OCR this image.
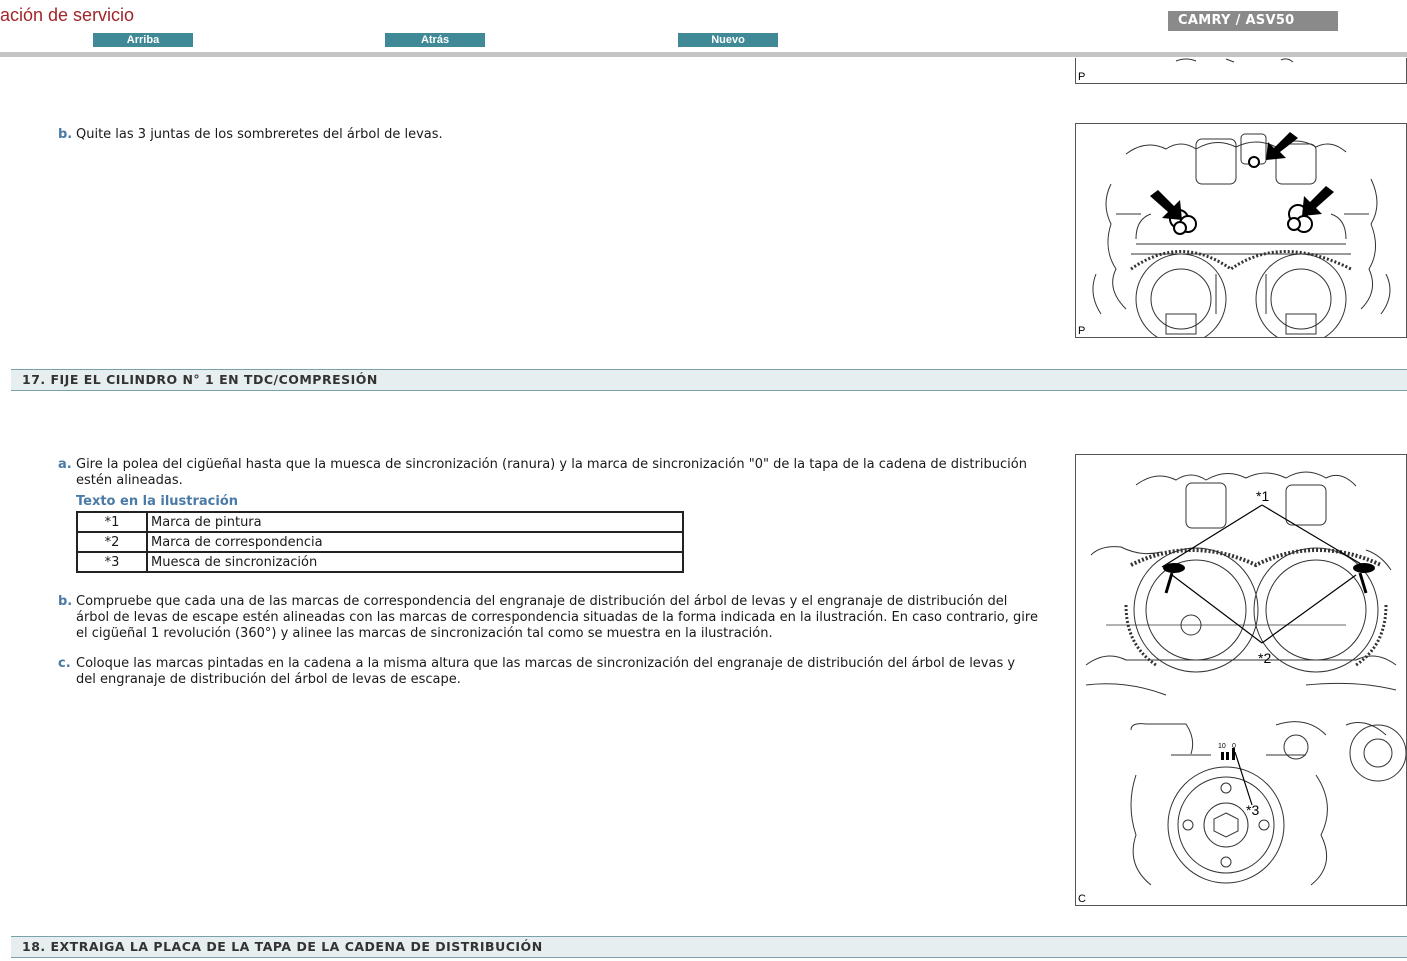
ación de servicio
Arriba	Atrás	Nuevo
CAMRY / ASV50
P
b. Quite las 3 juntas de los sombreretes del árbol de levas.
P
17. FIJE EL CILINDRO N° 1 EN TDC/COMPRESIÓN
a. Gire la polea del cigüeñal hasta que la muesca de sincronización (ranura) y la marca de sincronización "0" de la tapa de la cadena de distribución
estén alineadas.
Texto en la ilustración
*1	Marca de pintura
*2	Marca de correspondencia
*3	Muesca de sincronización
b. Compruebe que cada una de las marcas de correspondencia del engranaje de distribución del árbol de levas y el engranaje de distribución del
árbol de levas de escape estén alineadas con las marcas de correspondencia situadas de la forma indicada en la ilustración. En caso contrario, gire
el cigüeñal 1 revolución (360°) y alinee las marcas de sincronización tal como se muestra en la ilustración.
c. Coloque las marcas pintadas en la cadena a la misma altura que las marcas de sincronización del engranaje de distribución del árbol de levas y
del engranaje de distribución del árbol de levas de escape.
*1
*2
10 0
*3
C
18. EXTRAIGA LA PLACA DE LA TAPA DE LA CADENA DE DISTRIBUCIÓN
